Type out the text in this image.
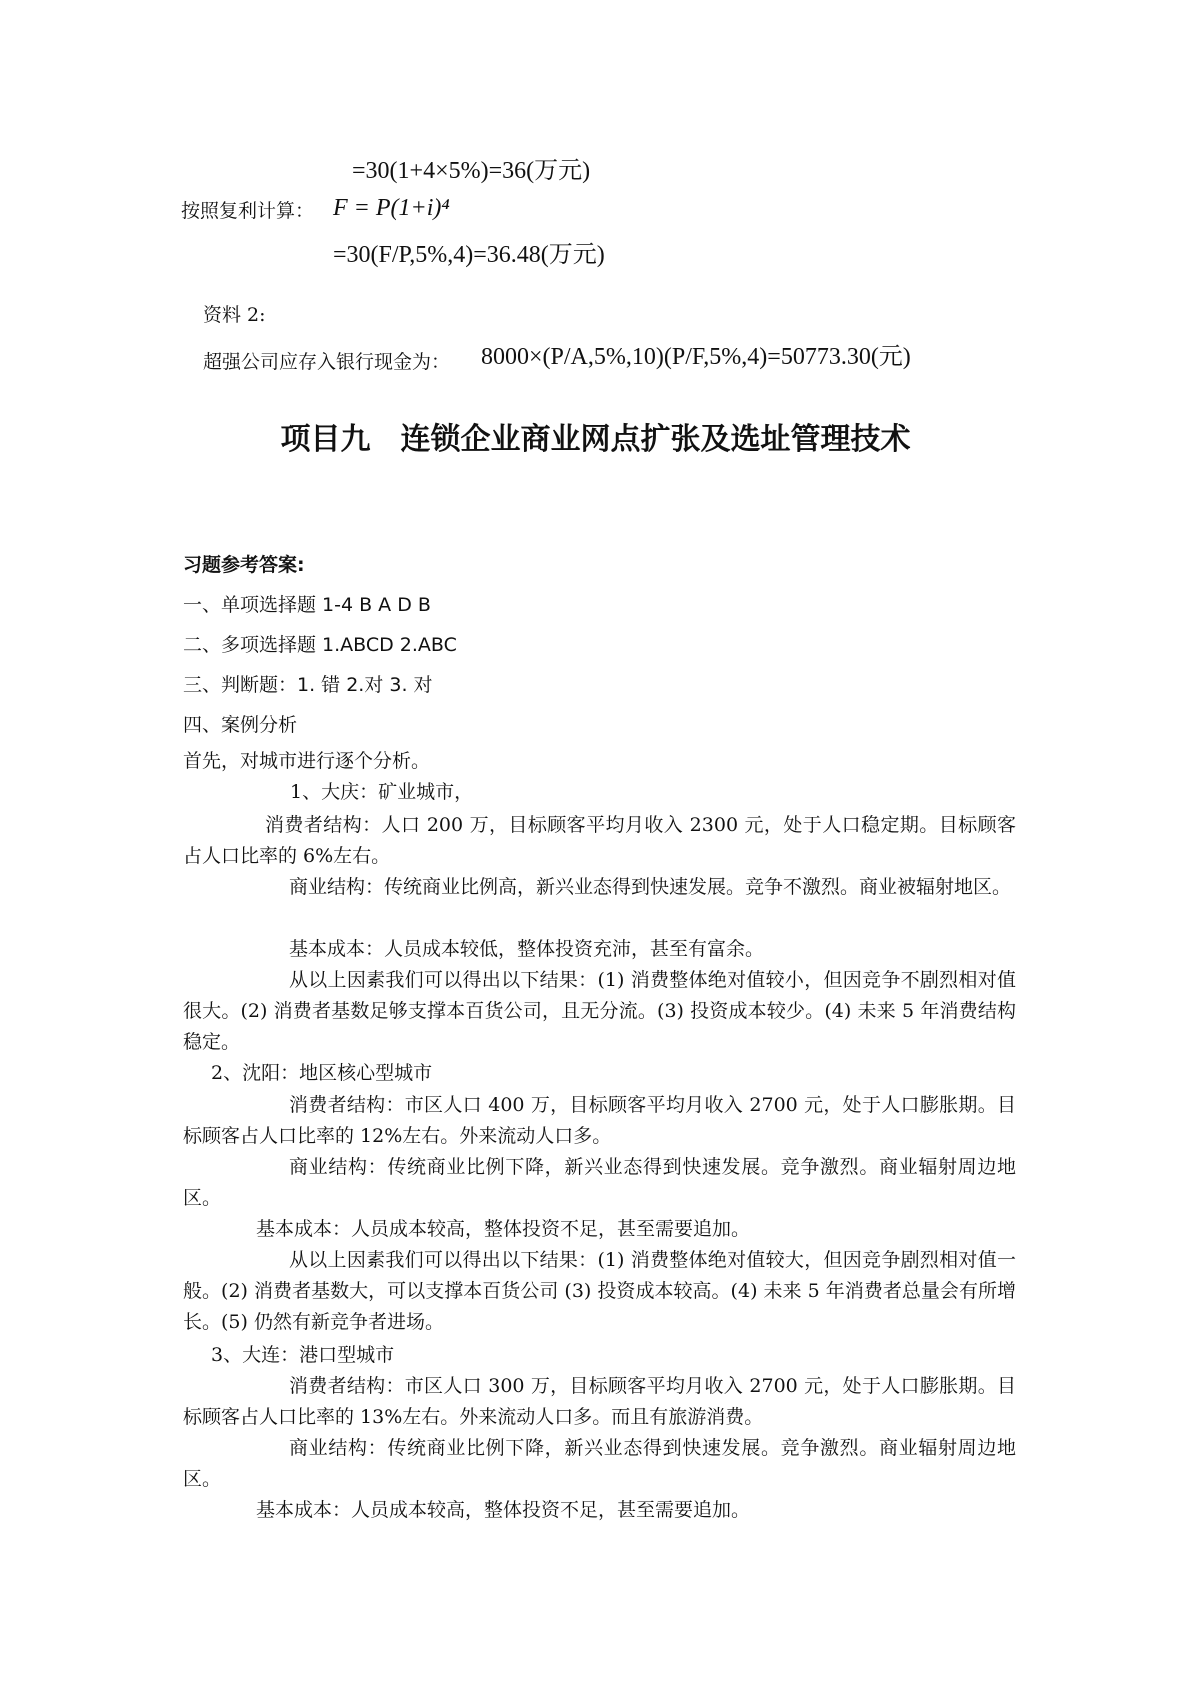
=30(1+4×5%)=36(万元)
按照复利计算： F = P(1+i)⁴
=30(F/P,5%,4)=36.48(万元)
资料 2:
超强公司应存入银行现金为： 8000×(P/A,5%,10)(P/F,5%,4)=50773.30(元)
项目九 连锁企业商业网点扩张及选址管理技术
习题参考答案:
一、单项选择题 1-4 B A D B
二、多项选择题 1.ABCD 2.ABC
三、判断题：1. 错 2.对 3. 对
四、案例分析
首先，对城市进行逐个分析。
1、大庆：矿业城市，
消费者结构：人口 200 万，目标顾客平均月收入 2300 元，处于人口稳定期。目标顾客占人口比率的 6%左右。
商业结构：传统商业比例高，新兴业态得到快速发展。竞争不激烈。商业被辐射地区。
基本成本：人员成本较低，整体投资充沛，甚至有富余。
从以上因素我们可以得出以下结果：(1) 消费整体绝对值较小，但因竞争不剧烈相对值很大。(2) 消费者基数足够支撑本百货公司，且无分流。(3) 投资成本较少。(4) 未来 5 年消费结构稳定。
2、沈阳：地区核心型城市
消费者结构：市区人口 400 万，目标顾客平均月收入 2700 元，处于人口膨胀期。目标顾客占人口比率的 12%左右。外来流动人口多。
商业结构：传统商业比例下降，新兴业态得到快速发展。竞争激烈。商业辐射周边地区。
基本成本：人员成本较高，整体投资不足，甚至需要追加。
从以上因素我们可以得出以下结果：(1) 消费整体绝对值较大，但因竞争剧烈相对值一般。(2) 消费者基数大，可以支撑本百货公司 (3) 投资成本较高。(4) 未来 5 年消费者总量会有所增长。(5) 仍然有新竞争者进场。
3、大连：港口型城市
消费者结构：市区人口 300 万，目标顾客平均月收入 2700 元，处于人口膨胀期。目标顾客占人口比率的 13%左右。外来流动人口多。而且有旅游消费。
商业结构：传统商业比例下降，新兴业态得到快速发展。竞争激烈。商业辐射周边地区。
基本成本：人员成本较高，整体投资不足，甚至需要追加。
